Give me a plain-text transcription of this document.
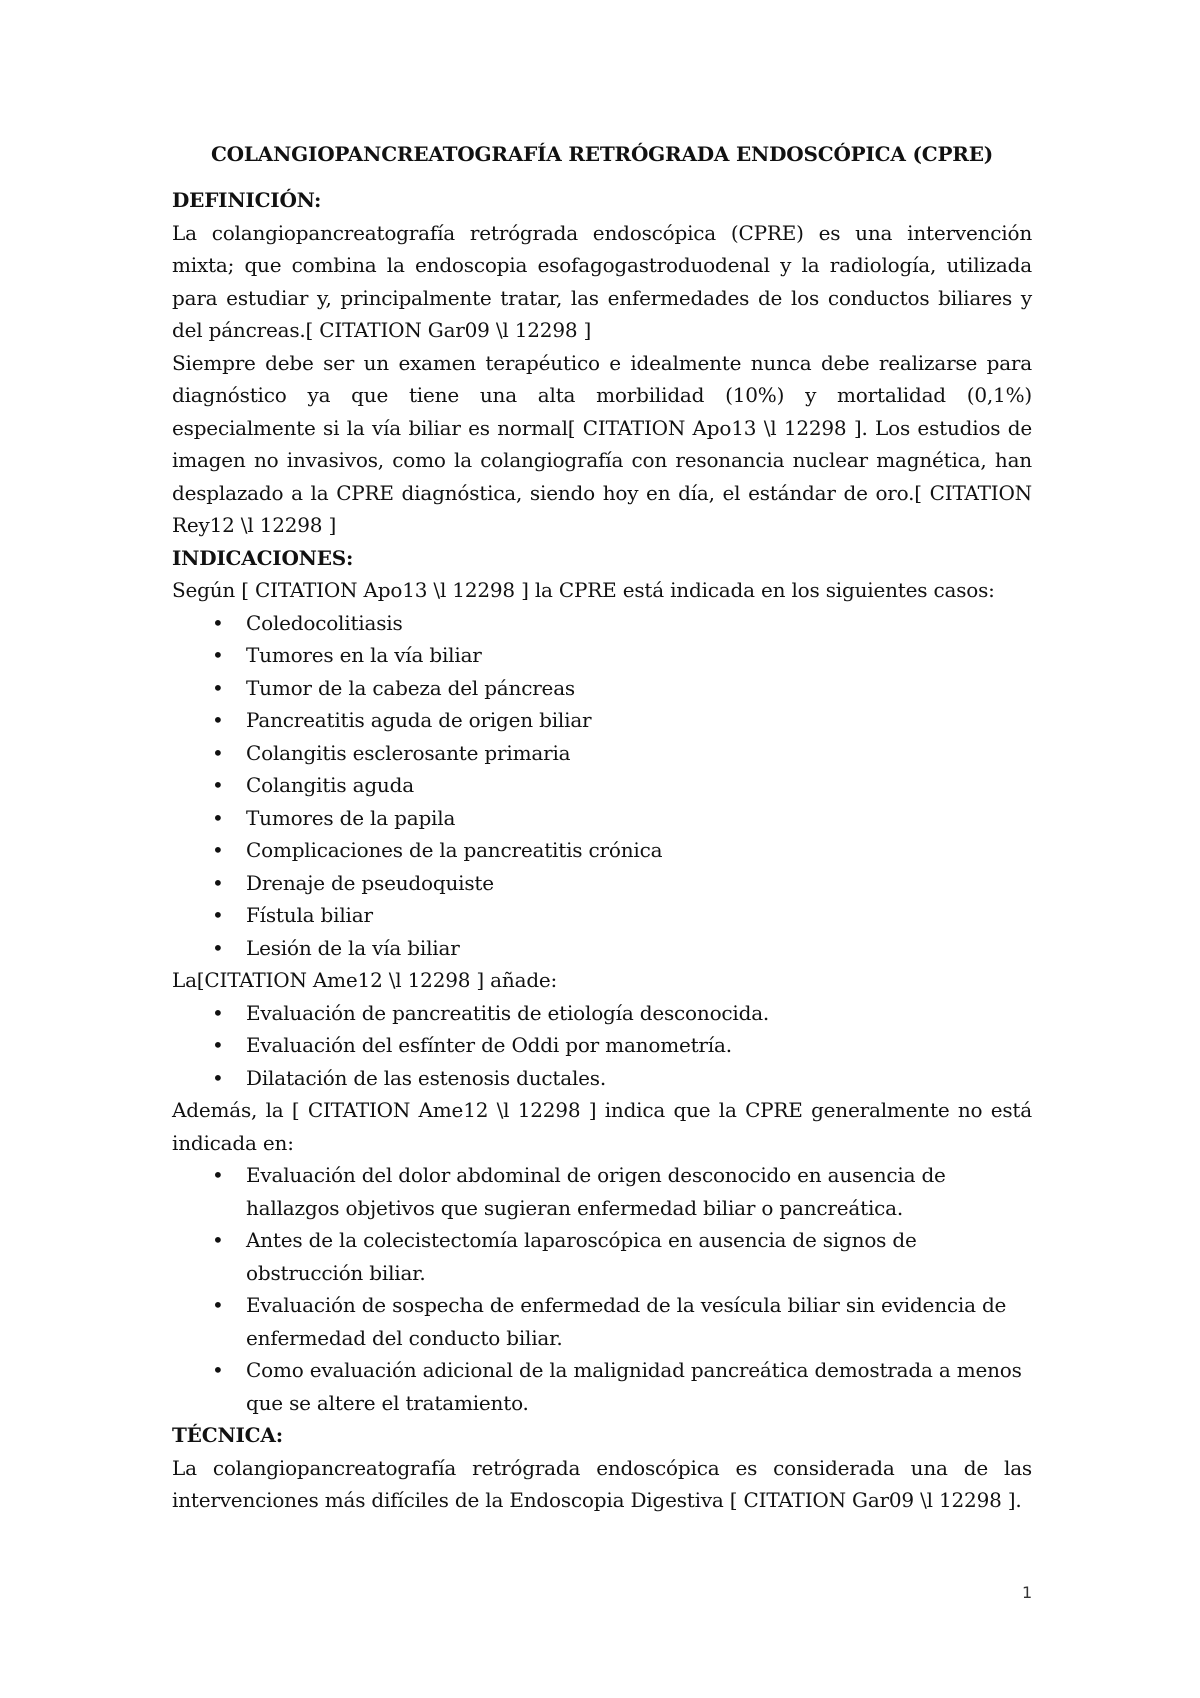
COLANGIOPANCREATOGRAFÍA RETRÓGRADA ENDOSCÓPICA (CPRE)
DEFINICIÓN:

La colangiopancreatografía retrógrada endoscópica (CPRE) es una intervención mixta; que combina la endoscopia esofagogastroduodenal y la radiología, utilizada para estudiar y, principalmente tratar, las enfermedades de los conductos biliares y del páncreas.[ CITATION Gar09 \l 12298 ]

Siempre debe ser un examen terapéutico e idealmente nunca debe realizarse para diagnóstico ya que tiene una alta morbilidad (10%) y mortalidad (0,1%) especialmente si la vía biliar es normal[ CITATION Apo13 \l 12298 ]. Los estudios de imagen no invasivos, como la colangiografía con resonancia nuclear magnética, han desplazado a la CPRE diagnóstica, siendo hoy en día, el estándar de oro.[ CITATION Rey12 \l 12298 ]

INDICACIONES:

Según [ CITATION Apo13 \l 12298 ] la CPRE está indicada en los siguientes casos:

• Coledocolitiasis
• Tumores en la vía biliar
• Tumor de la cabeza del páncreas
• Pancreatitis aguda de origen biliar
• Colangitis esclerosante primaria
• Colangitis aguda
• Tumores de la papila
• Complicaciones de la pancreatitis crónica
• Drenaje de pseudoquiste
• Fístula biliar
• Lesión de la vía biliar

La[CITATION Ame12 \l 12298 ] añade:

• Evaluación de pancreatitis de etiología desconocida.
• Evaluación del esfínter de Oddi por manometría.
• Dilatación de las estenosis ductales.

Además, la [ CITATION Ame12 \l 12298 ] indica que la CPRE generalmente no está indicada en:

• Evaluación del dolor abdominal de origen desconocido en ausencia de hallazgos objetivos que sugieran enfermedad biliar o pancreática.
• Antes de la colecistectomía laparoscópica en ausencia de signos de obstrucción biliar.
• Evaluación de sospecha de enfermedad de la vesícula biliar sin evidencia de enfermedad del conducto biliar.
• Como evaluación adicional de la malignidad pancreática demostrada a menos que se altere el tratamiento.
TÉCNICA:

La colangiopancreatografía retrógrada endoscópica es considerada una de las intervenciones más difíciles de la Endoscopia Digestiva [ CITATION Gar09 \l 12298 ].

1
